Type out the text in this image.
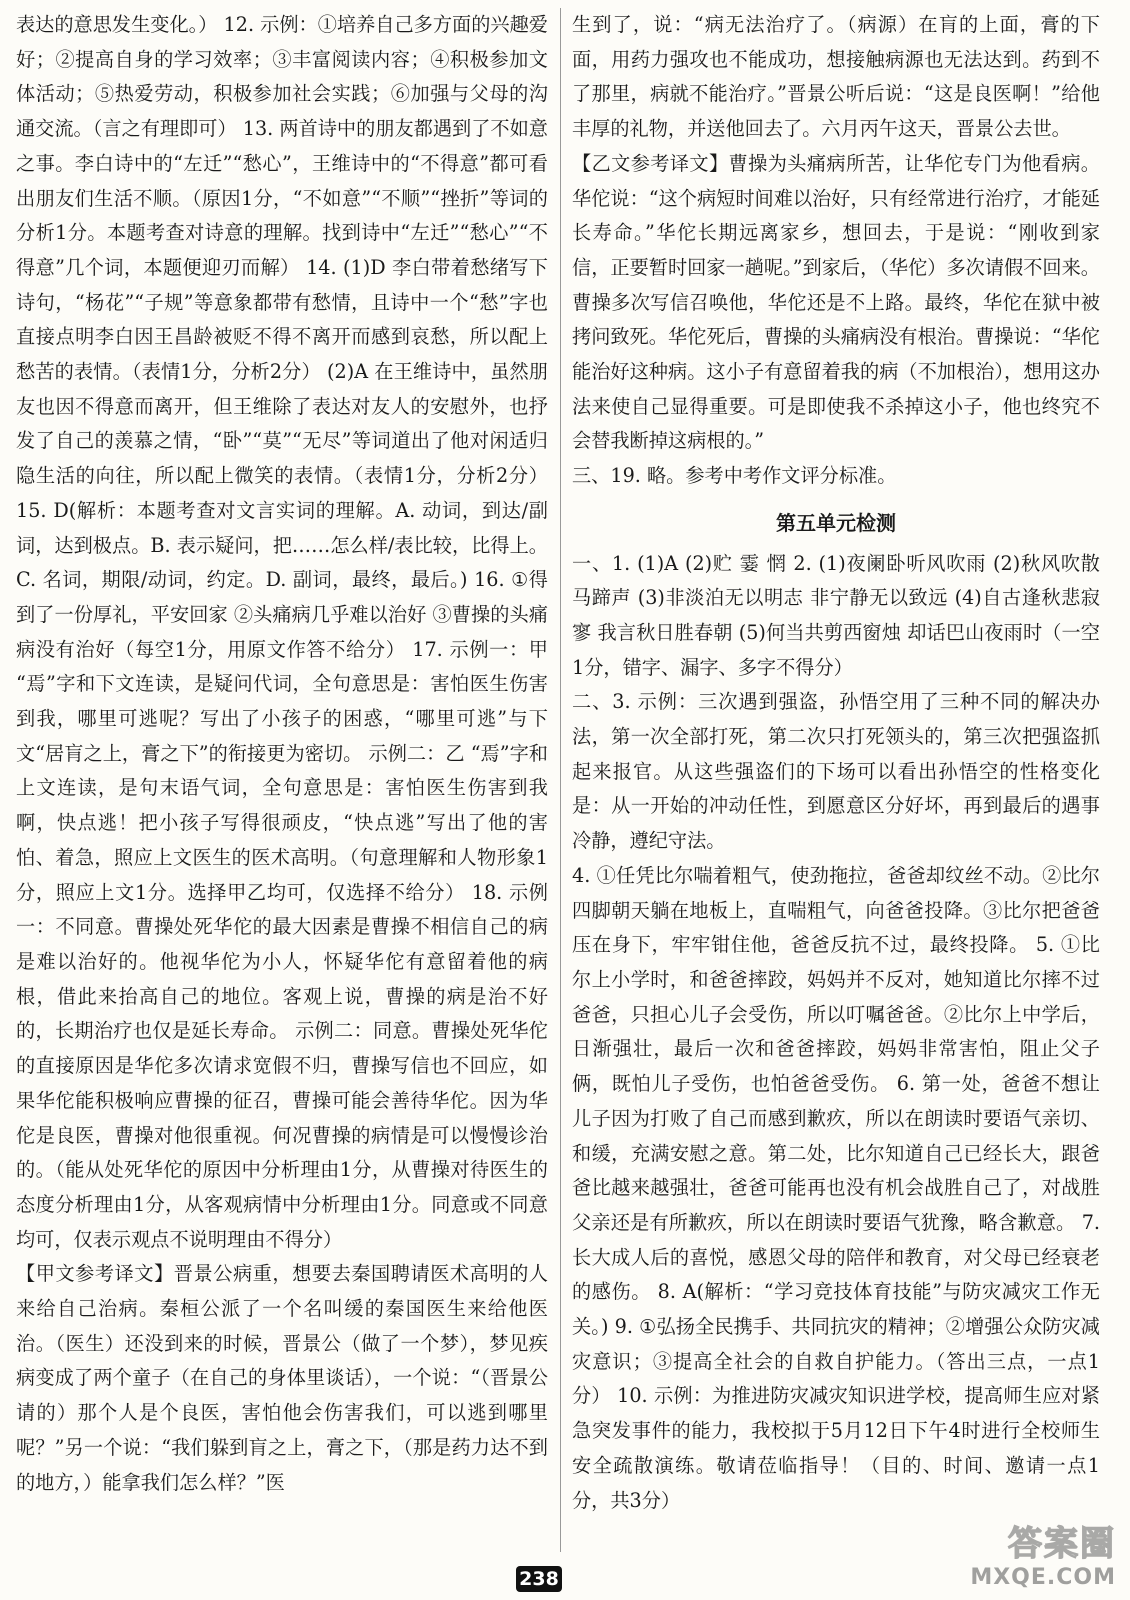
表达的意思发生变化。） 12. 示例：①培养自己多方面的兴趣爱好；②提高自身的学习效率；③丰富阅读内容；④积极参加文体活动；⑤热爱劳动，积极参加社会实践；⑥加强与父母的沟通交流。（言之有理即可） 13. 两首诗中的朋友都遇到了不如意之事。李白诗中的“左迁”“愁心”，王维诗中的“不得意”都可看出朋友们生活不顺。（原因1分，“不如意”“不顺”“挫折”等词的分析1分。本题考查对诗意的理解。找到诗中“左迁”“愁心”“不得意”几个词，本题便迎刃而解） 14. (1)D 李白带着愁绪写下诗句，“杨花”“子规”等意象都带有愁情，且诗中一个“愁”字也直接点明李白因王昌龄被贬不得不离开而感到哀愁，所以配上愁苦的表情。（表情1分，分析2分） (2)A 在王维诗中，虽然朋友也因不得意而离开，但王维除了表达对友人的安慰外，也抒发了自己的羡慕之情，“卧”“莫”“无尽”等词道出了他对闲适归隐生活的向往，所以配上微笑的表情。（表情1分，分析2分） 15. D(解析：本题考查对文言实词的理解。A. 动词，到达/副词，达到极点。B. 表示疑问，把……怎么样/表比较，比得上。C. 名词，期限/动词，约定。D. 副词，最终，最后。) 16. ①得到了一份厚礼，平安回家 ②头痛病几乎难以治好 ③曹操的头痛病没有治好（每空1分，用原文作答不给分） 17. 示例一：甲 “焉”字和下文连读，是疑问代词，全句意思是：害怕医生伤害到我，哪里可逃呢？写出了小孩子的困惑，“哪里可逃”与下文“居肓之上，膏之下”的衔接更为密切。 示例二：乙 “焉”字和上文连读，是句末语气词，全句意思是：害怕医生伤害到我啊，快点逃！把小孩子写得很顽皮，“快点逃”写出了他的害怕、着急，照应上文医生的医术高明。（句意理解和人物形象1分，照应上文1分。选择甲乙均可，仅选择不给分） 18. 示例一：不同意。曹操处死华佗的最大因素是曹操不相信自己的病是难以治好的。他视华佗为小人，怀疑华佗有意留着他的病根，借此来抬高自己的地位。客观上说，曹操的病是治不好的，长期治疗也仅是延长寿命。 示例二：同意。曹操处死华佗的直接原因是华佗多次请求宽假不归，曹操写信也不回应，如果华佗能积极响应曹操的征召，曹操可能会善待华佗。因为华佗是良医，曹操对他很重视。何况曹操的病情是可以慢慢诊治的。（能从处死华佗的原因中分析理由1分，从曹操对待医生的态度分析理由1分，从客观病情中分析理由1分。同意或不同意均可，仅表示观点不说明理由不得分）

【甲文参考译文】晋景公病重，想要去秦国聘请医术高明的人来给自己治病。秦桓公派了一个名叫缓的秦国医生来给他医治。（医生）还没到来的时候，晋景公（做了一个梦），梦见疾病变成了两个童子（在自己的身体里谈话），一个说：“（晋景公请的）那个人是个良医，害怕他会伤害我们，可以逃到哪里呢？”另一个说：“我们躲到肓之上，膏之下，（那是药力达不到的地方，）能拿我们怎么样？”医

生到了，说：“病无法治疗了。（病源）在肓的上面，膏的下面，用药力强攻也不能成功，想接触病源也无法达到。药到不了那里，病就不能治疗。”晋景公听后说：“这是良医啊！”给他丰厚的礼物，并送他回去了。六月丙午这天，晋景公去世。

【乙文参考译文】曹操为头痛病所苦，让华佗专门为他看病。华佗说：“这个病短时间难以治好，只有经常进行治疗，才能延长寿命。”华佗长期远离家乡，想回去，于是说：“刚收到家信，正要暂时回家一趟呢。”到家后，（华佗）多次请假不回来。曹操多次写信召唤他，华佗还是不上路。最终，华佗在狱中被拷问致死。华佗死后，曹操的头痛病没有根治。曹操说：“华佗能治好这种病。这小子有意留着我的病（不加根治），想用这办法来使自己显得重要。可是即使我不杀掉这小子，他也终究不会替我断掉这病根的。”

三、19. 略。参考中考作文评分标准。

第五单元检测

一、1. (1)A (2)贮 霎 惘 2. (1)夜阑卧听风吹雨 (2)秋风吹散马蹄声 (3)非淡泊无以明志 非宁静无以致远 (4)自古逢秋悲寂寥 我言秋日胜春朝 (5)何当共剪西窗烛 却话巴山夜雨时（一空1分，错字、漏字、多字不得分）

二、3. 示例：三次遇到强盗，孙悟空用了三种不同的解决办法，第一次全部打死，第二次只打死领头的，第三次把强盗抓起来报官。从这些强盗们的下场可以看出孙悟空的性格变化是：从一开始的冲动任性，到愿意区分好坏，再到最后的遇事冷静，遵纪守法。

4. ①任凭比尔喘着粗气，使劲拖拉，爸爸却纹丝不动。②比尔四脚朝天躺在地板上，直喘粗气，向爸爸投降。③比尔把爸爸压在身下，牢牢钳住他，爸爸反抗不过，最终投降。 5. ①比尔上小学时，和爸爸摔跤，妈妈并不反对，她知道比尔摔不过爸爸，只担心儿子会受伤，所以叮嘱爸爸。②比尔上中学后，日渐强壮，最后一次和爸爸摔跤，妈妈非常害怕，阻止父子俩，既怕儿子受伤，也怕爸爸受伤。 6. 第一处，爸爸不想让儿子因为打败了自己而感到歉疚，所以在朗读时要语气亲切、和缓，充满安慰之意。第二处，比尔知道自己已经长大，跟爸爸比越来越强壮，爸爸可能再也没有机会战胜自己了，对战胜父亲还是有所歉疚，所以在朗读时要语气犹豫，略含歉意。 7. 长大成人后的喜悦，感恩父母的陪伴和教育，对父母已经衰老的感伤。 8. A(解析：“学习竞技体育技能”与防灾减灾工作无关。) 9. ①弘扬全民携手、共同抗灾的精神；②增强公众防灾减灾意识；③提高全社会的自救自护能力。（答出三点，一点1分） 10. 示例：为推进防灾减灾知识进学校，提高师生应对紧急突发事件的能力，我校拟于5月12日下午4时进行全校师生安全疏散演练。敬请莅临指导！（目的、时间、邀请一点1分，共3分）

238
答案圈
MXQE.COM
